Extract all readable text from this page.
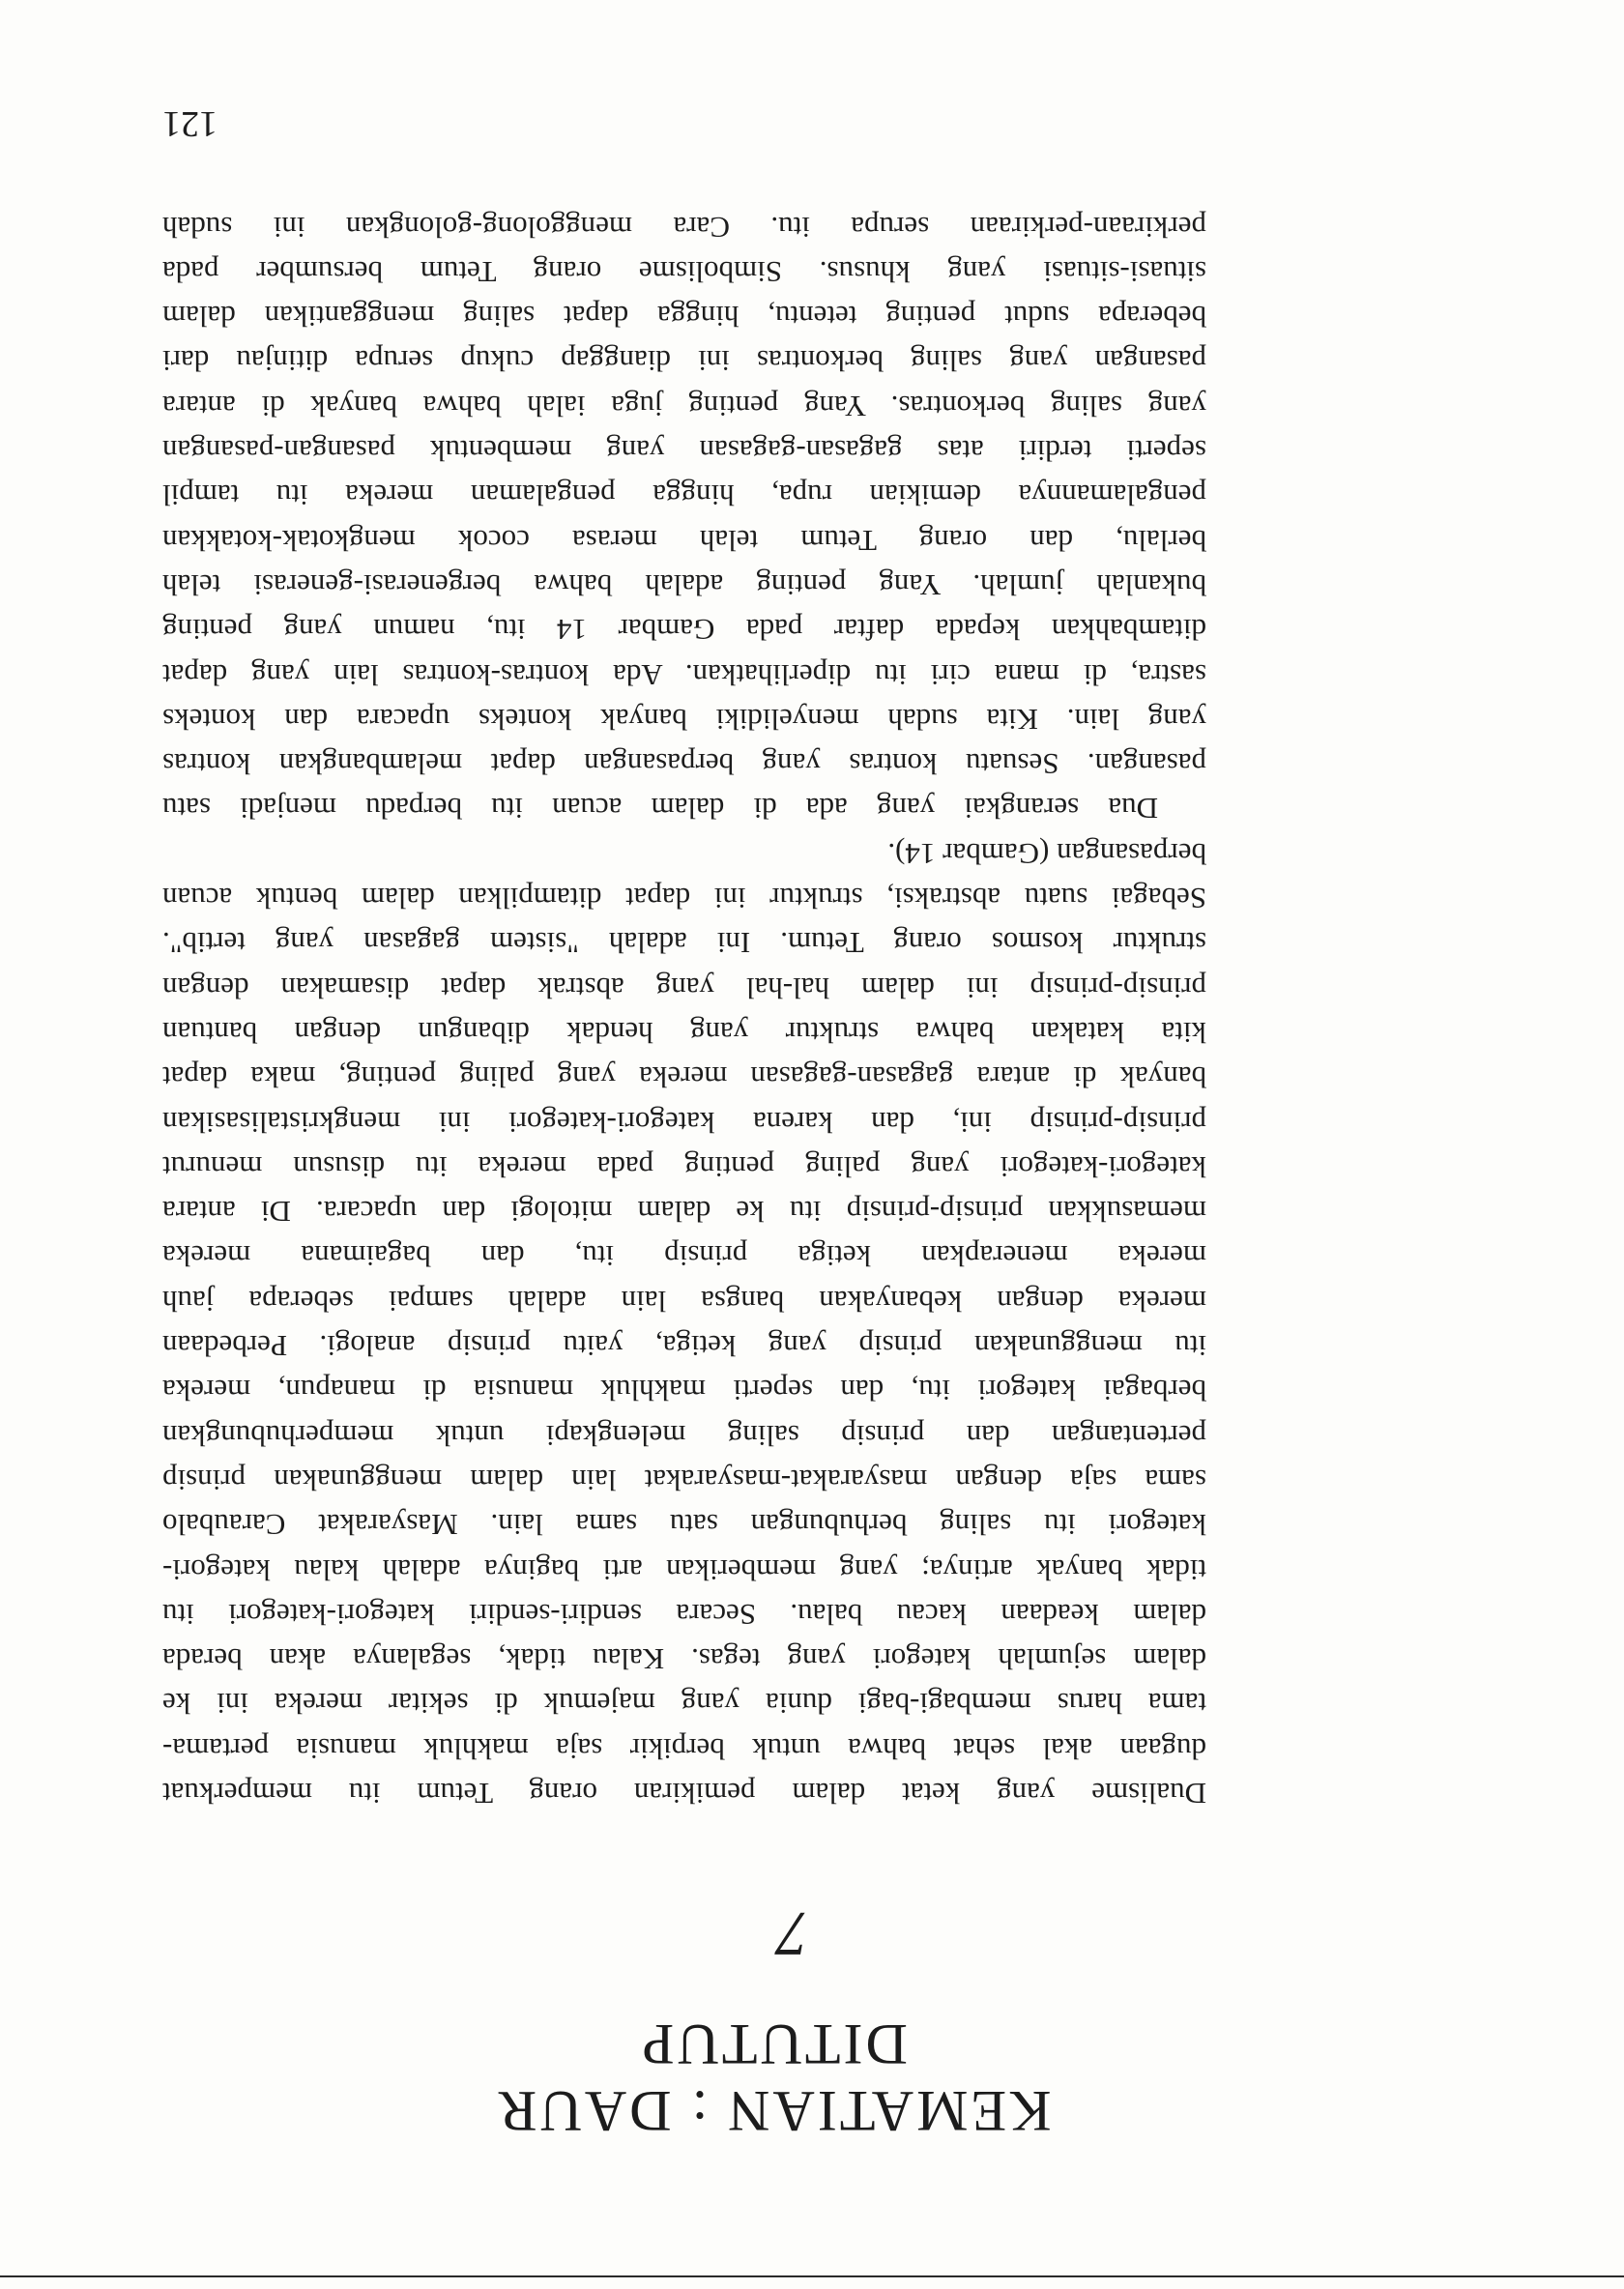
KEMATIAN : DAUR DITUTUP
7
Dualisme yang ketat dalam pemikiran orang Tetum itu memperkuat
dugaan akal sehat bahwa untuk berpikir saja makhluk manusia pertama-
tama harus membagi-bagi dunia yang majemuk di sekitar mereka ini ke
dalam sejumlah kategori yang tegas. Kalau tidak, segalanya akan berada
dalam keadaan kacau balau. Secara sendiri-sendiri kategori-kategori itu
tidak banyak artinya; yang memberikan arti baginya adalah kalau kategori-
kategori itu saling berhubungan satu sama lain. Masyarakat Caraubalo
sama saja dengan masyarakat-masyarakat lain dalam menggunakan prinsip
pertentangan dan prinsip saling melengkapi untuk memperhubungkan
berbagai kategori itu, dan seperti makhluk manusia di manapun, mereka
itu menggunakan prinsip yang ketiga, yaitu prinsip analogi. Perbedaan
mereka dengan kebanyakan bangsa lain adalah sampai seberapa jauh
mereka menerapkan ketiga prinsip itu, dan bagaimana mereka
memasukkan prinsip-prinsip itu ke dalam mitologi dan upacara. Di antara
kategori-kategori yang paling penting pada mereka itu disusun menurut
prinsip-prinsip ini, dan karena kategori-kategori ini mengkristalisasikan
banyak di antara gagasan-gagasan mereka yang paling penting, maka dapat
kita katakan bahwa struktur yang hendak dibangun dengan bantuan
prinsip-prinsip ini dalam hal-hal yang abstrak dapat disamakan dengan
struktur kosmos orang Tetum. Ini adalah "sistem gagasan yang tertib".
Sebagai suatu abstraksi, struktur ini dapat ditampilkan dalam bentuk acuan
berpasangan (Gambar 14).
Dua serangkai yang ada di dalam acuan itu berpadu menjadi satu
pasangan. Sesuatu kontras yang berpasangan dapat melambangkan kontras
yang lain. Kita sudah menyelidiki banyak konteks upacara dan konteks
sastra, di mana ciri itu diperlihatkan. Ada kontras-kontras lain yang dapat
ditambahkan kepada daftar pada Gambar 14 itu, namun yang penting
bukanlah jumlah. Yang penting adalah bahwa bergenerasi-generasi telah
berlalu, dan orang Tetum telah merasa cocok mengkotak-kotakkan
pengalamannya demikian rupa, hingga pengalaman mereka itu tampil
seperti terdiri atas gagasan-gagasan yang membentuk pasangan-pasangan
yang saling berkontras. Yang penting juga ialah bahwa banyak di antara
pasangan yang saling berkontras ini dianggap cukup serupa ditinjau dari
beberapa sudut penting tetentu, hingga dapat saling menggantikan dalam
situasi-situasi yang khusus. Simbolisme orang Tetum bersumber pada
perkiraan-perkiraan serupa itu. Cara menggolong-golongkan ini sudah
121
